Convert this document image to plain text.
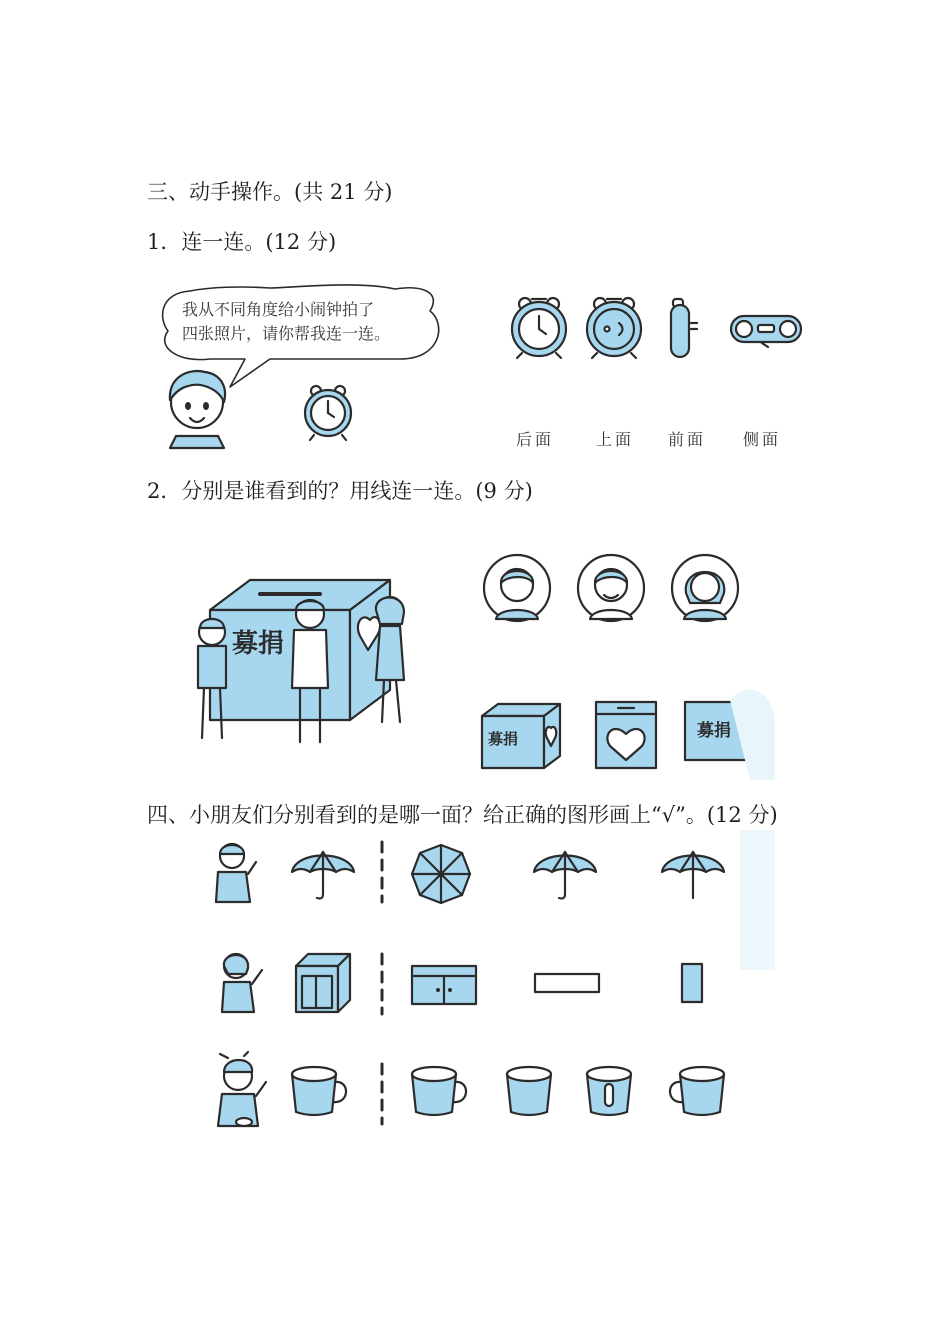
三、动手操作。(共 21 分)
1．连一连。(12 分)
我从不同角度给小闹钟拍了
四张照片，请你帮我连一连。
后面	上面 前面 侧面
2．分别是谁看到的？用线连一连。(9 分)
募捐
募捐	募捐
四、小朋友们分别看到的是哪一面？给正确的图形画上“√”。(12 分)
